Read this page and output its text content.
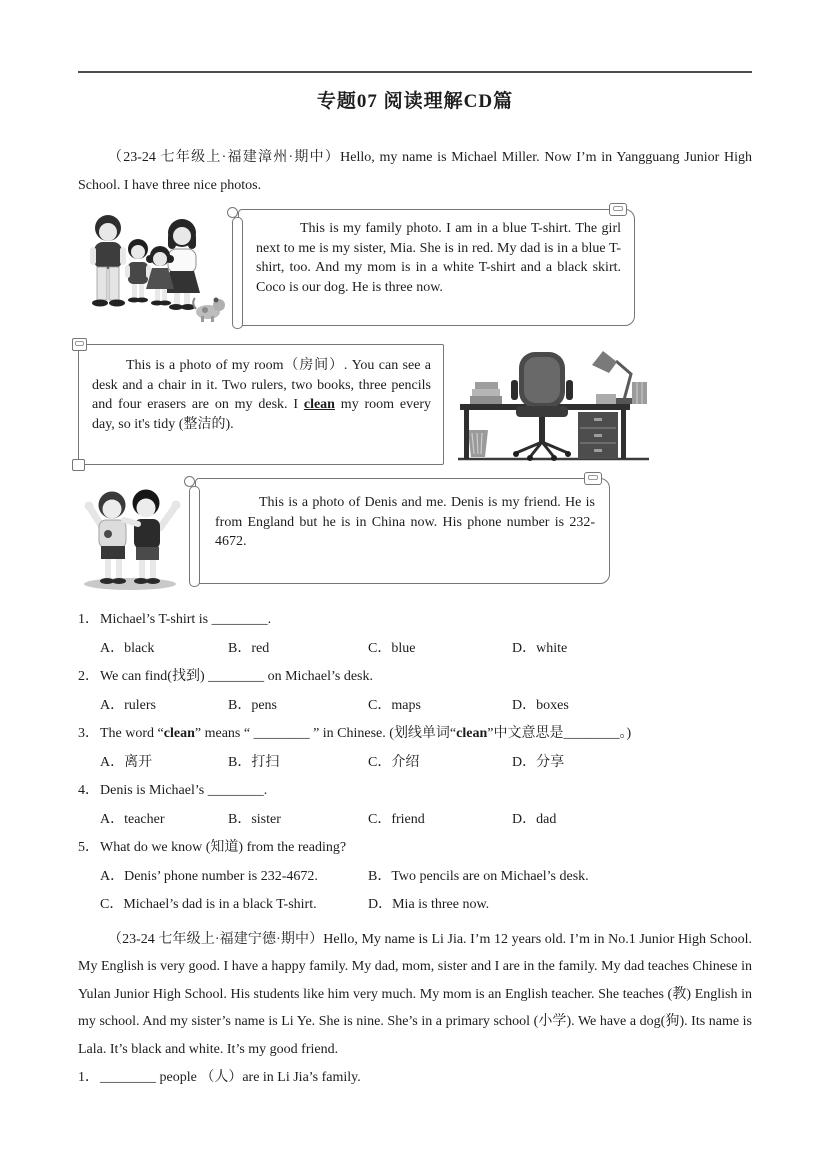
专题07 阅读理解CD篇

（23-24 七年级上·福建漳州·期中）Hello, my name is Michael Miller. Now I’m in Yangguang Junior High School. I have three nice photos.

This is my family photo. I am in a blue T-shirt. The girl next to me is my sister, Mia. She is in red. My dad is in a blue T-shirt, too. And my mom is in a white T-shirt and a black skirt. Coco is our dog. He is three now.

This is a photo of my room（房间）. You can see a desk and a chair in it. Two rulers, two books, three pencils and four erasers are on my desk. I clean my room every day, so it's tidy (整洁的).

This is a photo of Denis and me. Denis is my friend. He is from England but he is in China now. His phone number is 232-4672.

1．Michael’s T-shirt is ________.

A．black	B．red	C．blue	D．white

2．We can find(找到) ________ on Michael’s desk.

A．rulers	B．pens	C．maps	D．boxes

3．The word “clean” means “ ________ ” in Chinese. (划线单词“clean”中文意思是________。)

A．离开	B．打扫	C．介绍	D．分享

4．Denis is Michael’s ________.

A．teacher	B．sister	C．friend	D．dad

5．What do we know (知道) from the reading?

A．Denis’ phone number is 232-4672.	B．Two pencils are on Michael’s desk.
C．Michael’s dad is in a black T-shirt.	D．Mia is three now.

（23-24 七年级上·福建宁德·期中）Hello, My name is Li Jia. I’m 12 years old. I’m in No.1 Junior High School. My English is very good. I have a happy family. My dad, mom, sister and I are in the family. My dad teaches Chinese in Yulan Junior High School. His students like him very much. My mom is an English teacher. She teaches (教) English in my school. And my sister’s name is Li Ye. She is nine. She’s in a primary school (小学). We have a dog(狗). Its name is Lala. It’s black and white. It’s my good friend.

1．________ people （人）are in Li Jia’s family.
